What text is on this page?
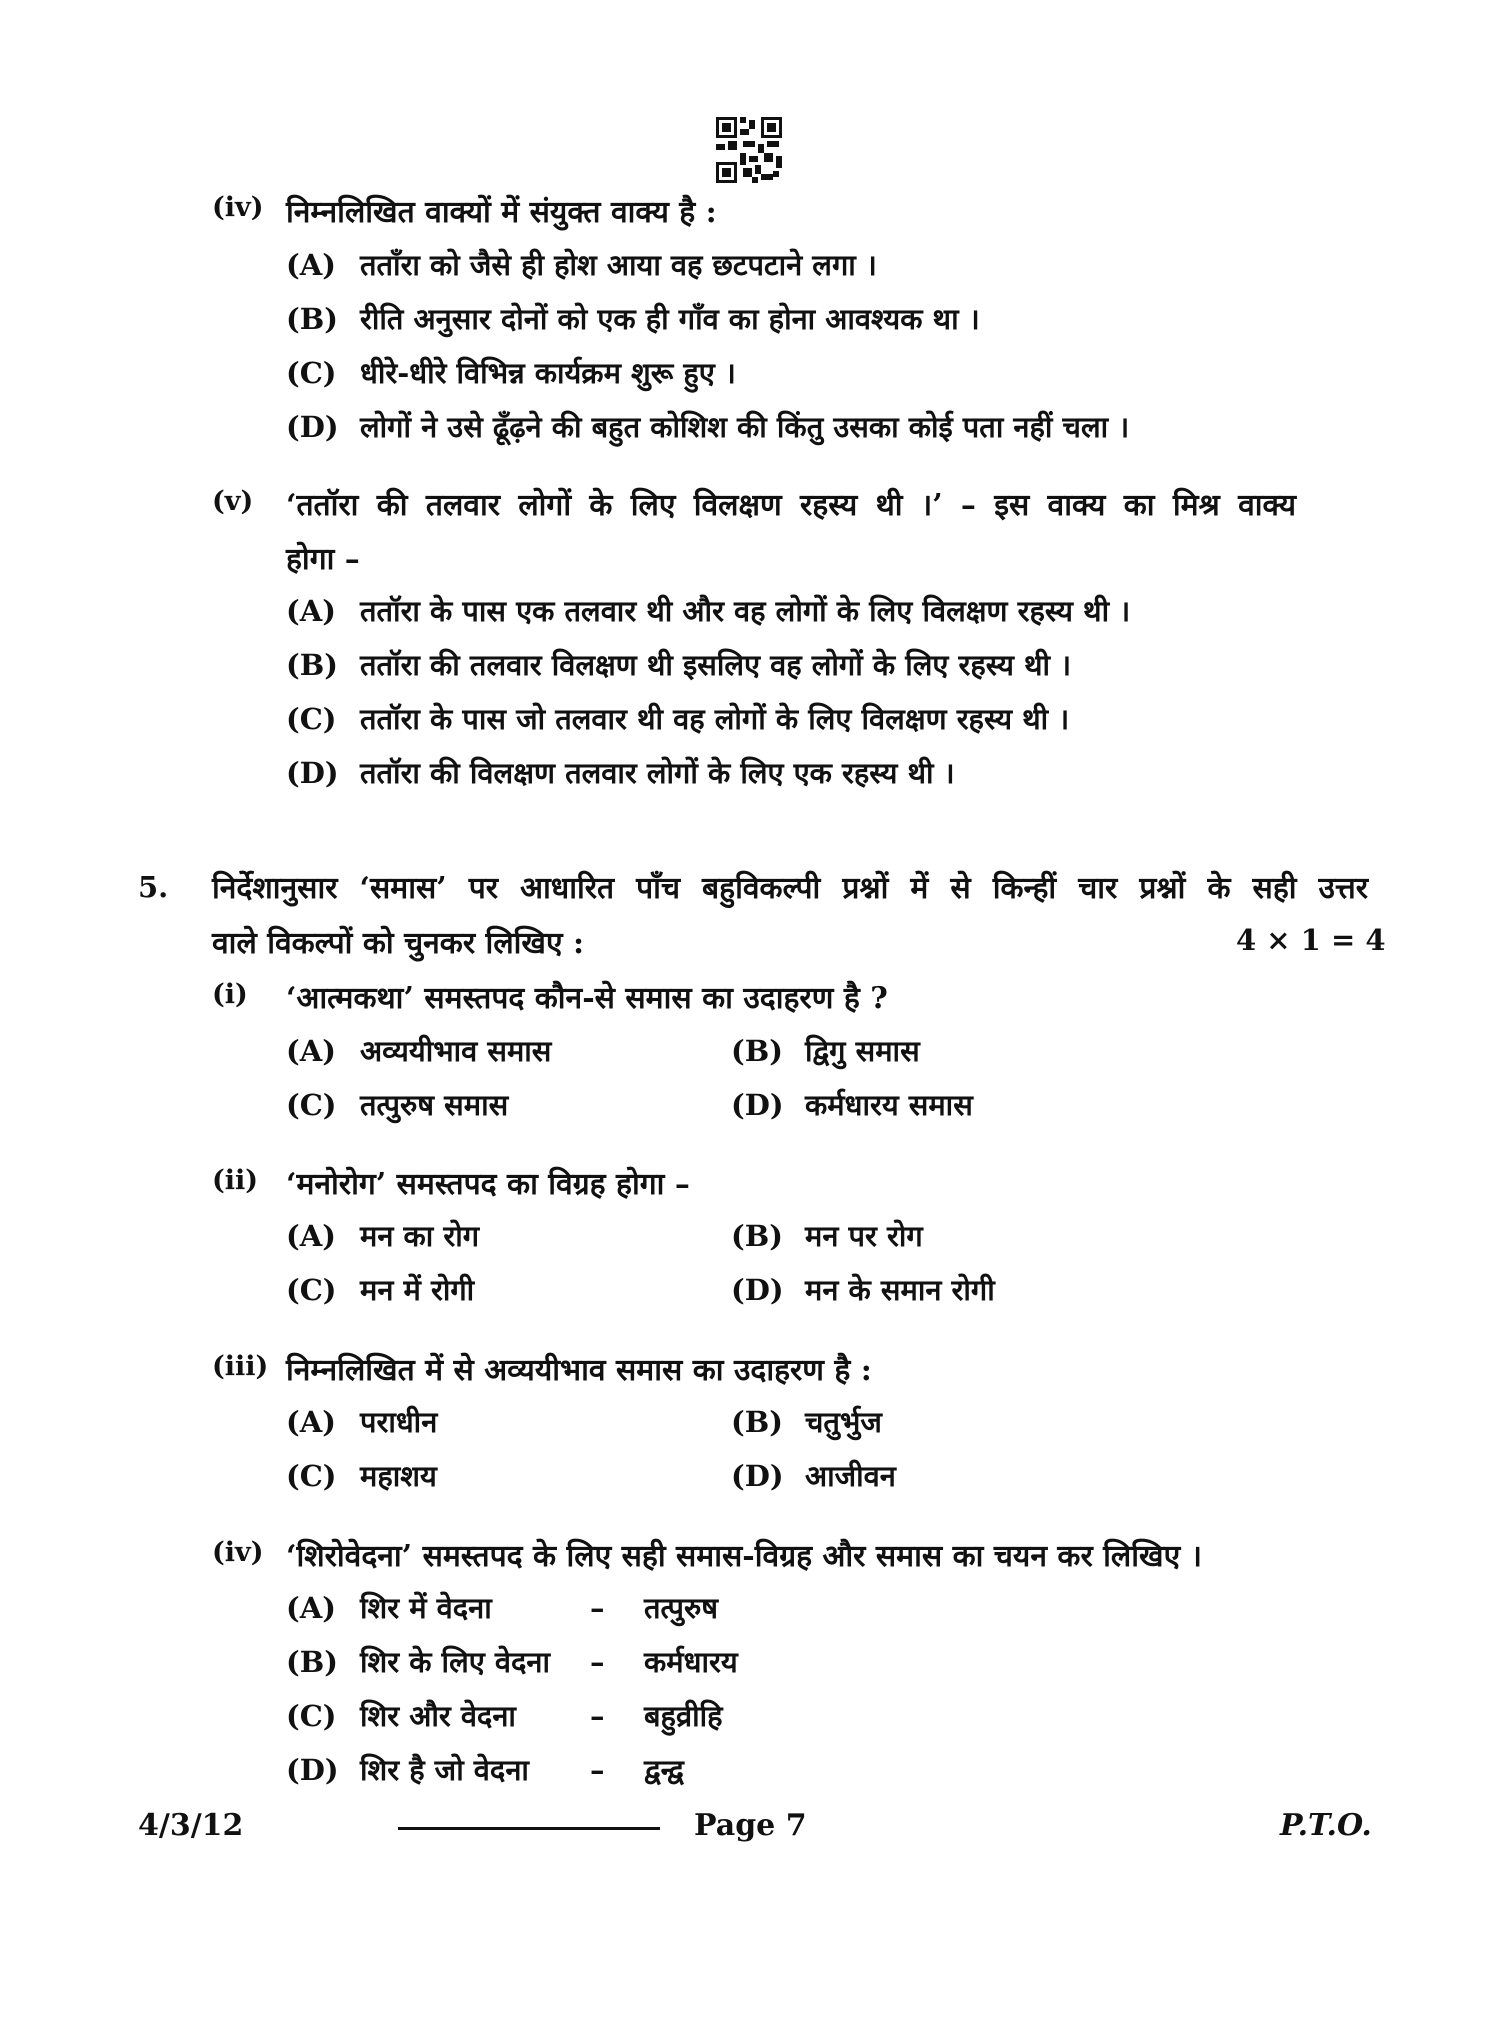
(iv) निम्नलिखित वाक्यों में संयुक्त वाक्य है :
(A) तताँरा को जैसे ही होश आया वह छटपटाने लगा ।
(B) रीति अनुसार दोनों को एक ही गाँव का होना आवश्यक था ।
(C) धीरे-धीरे विभिन्न कार्यक्रम शुरू हुए ।
(D) लोगों ने उसे ढूँढ़ने की बहुत कोशिश की किंतु उसका कोई पता नहीं चला ।
(v) ‘ततॉरा की तलवार लोगों के लिए विलक्षण रहस्य थी ।’ – इस वाक्य का मिश्र वाक्य
होगा –
(A) ततॉरा के पास एक तलवार थी और वह लोगों के लिए विलक्षण रहस्य थी ।
(B) ततॉरा की तलवार विलक्षण थी इसलिए वह लोगों के लिए रहस्य थी ।
(C) ततॉरा के पास जो तलवार थी वह लोगों के लिए विलक्षण रहस्य थी ।
(D) ततॉरा की विलक्षण तलवार लोगों के लिए एक रहस्य थी ।
5. निर्देशानुसार ‘समास’ पर आधारित पाँच बहुविकल्पी प्रश्नों में से किन्हीं चार प्रश्नों के सही उत्तर
वाले विकल्पों को चुनकर लिखिए :	4 × 1 = 4
(i) ‘आत्मकथा’ समस्तपद कौन-से समास का उदाहरण है ?
(A) अव्ययीभाव समास	(B) द्विगु समास
(C) तत्पुरुष समास	(D) कर्मधारय समास
(ii) ‘मनोरोग’ समस्तपद का विग्रह होगा –
(A) मन का रोग	(B) मन पर रोग
(C) मन में रोगी	(D) मन के समान रोगी
(iii) निम्नलिखित में से अव्ययीभाव समास का उदाहरण है :
(A) पराधीन	(B) चतुर्भुज
(C) महाशय	(D) आजीवन
(iv) ‘शिरोवेदना’ समस्तपद के लिए सही समास-विग्रह और समास का चयन कर लिखिए ।
(A) शिर में वेदना	– तत्पुरुष
(B) शिर के लिए वेदना – कर्मधारय
(C) शिर और वेदना	– बहुव्रीहि
(D) शिर है जो वेदना – द्वन्द्व
4/3/12	Page 7	P.T.O.
